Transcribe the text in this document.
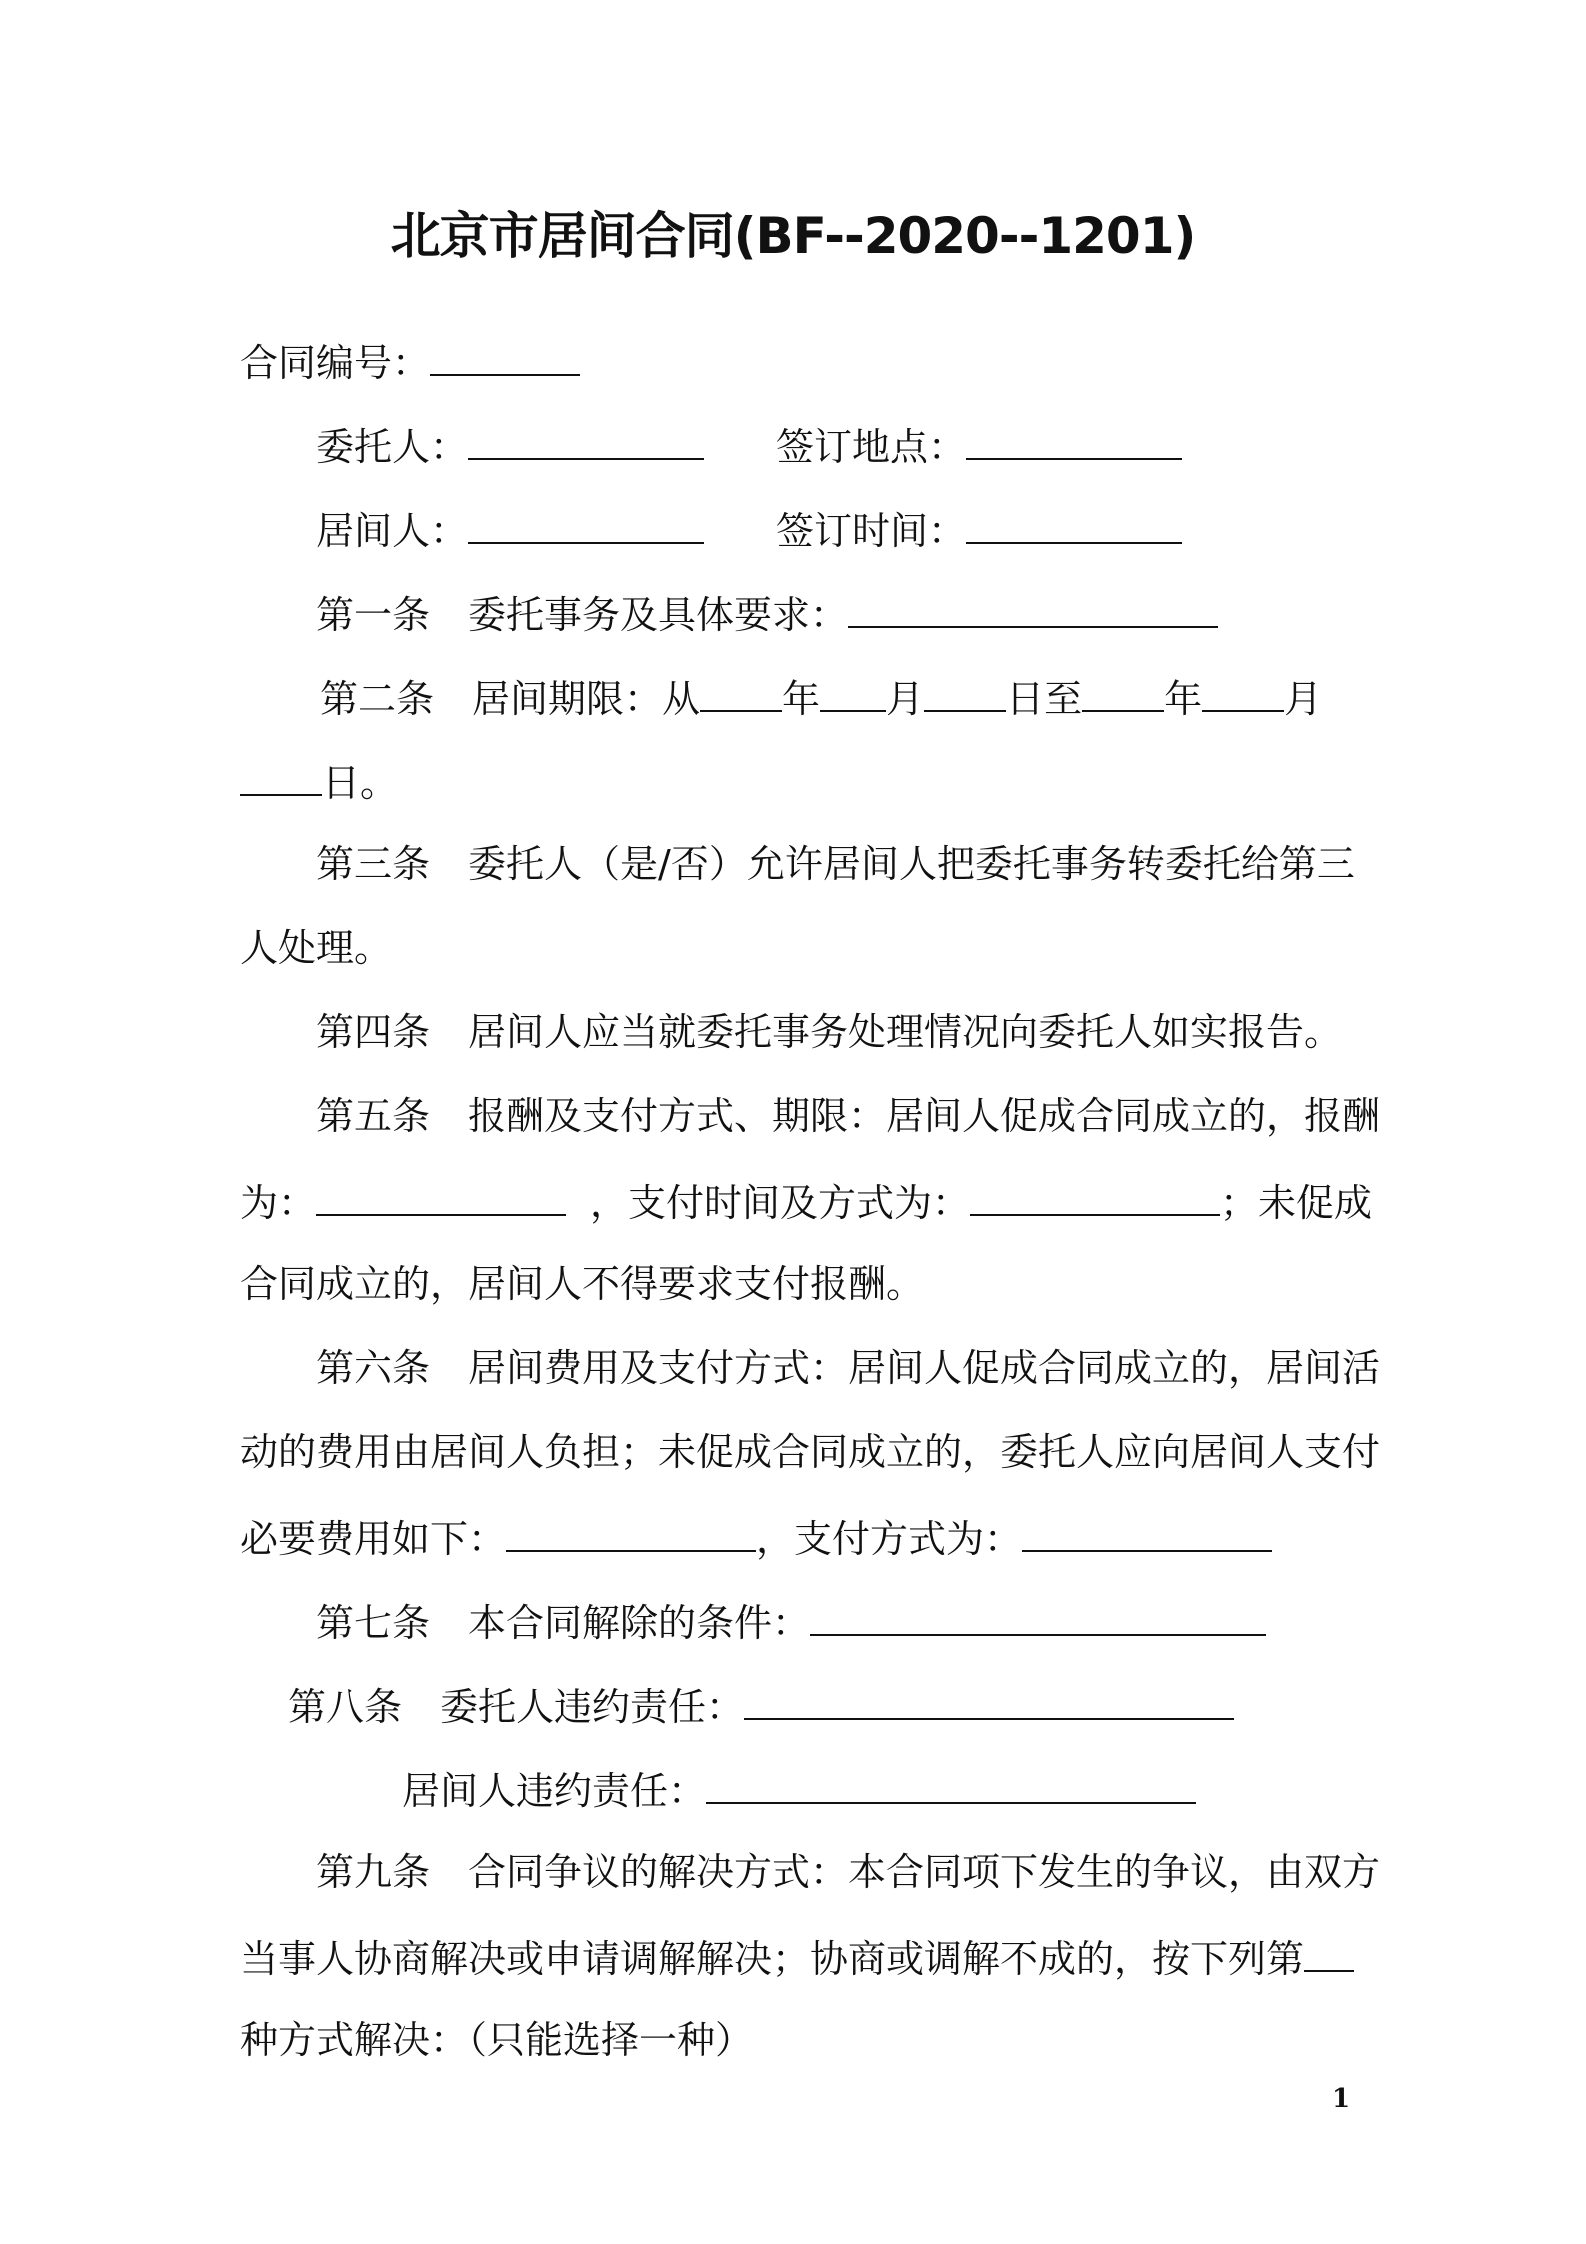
北京市居间合同(BF--2020--1201)
合同编号：
委托人：	签订地点：
居间人：	签订时间：
第一条 委托事务及具体要求：
第二条 居间期限：从 年 月 日至 年 月
日。
第三条 委托人（是/否）允许居间人把委托事务转委托给第三
人处理。
第四条 居间人应当就委托事务处理情况向委托人如实报告。
第五条 报酬及支付方式、期限：居间人促成合同成立的，报酬
为：	，支付时间及方式为：	；未促成
合同成立的，居间人不得要求支付报酬。
第六条 居间费用及支付方式：居间人促成合同成立的，居间活
动的费用由居间人负担；未促成合同成立的，委托人应向居间人支付
必要费用如下：	，支付方式为：
第七条 本合同解除的条件：
第八条 委托人违约责任：
居间人违约责任：
第九条 合同争议的解决方式：本合同项下发生的争议，由双方
当事人协商解决或申请调解解决；协商或调解不成的，按下列第
种方式解决：（只能选择一种）
1
